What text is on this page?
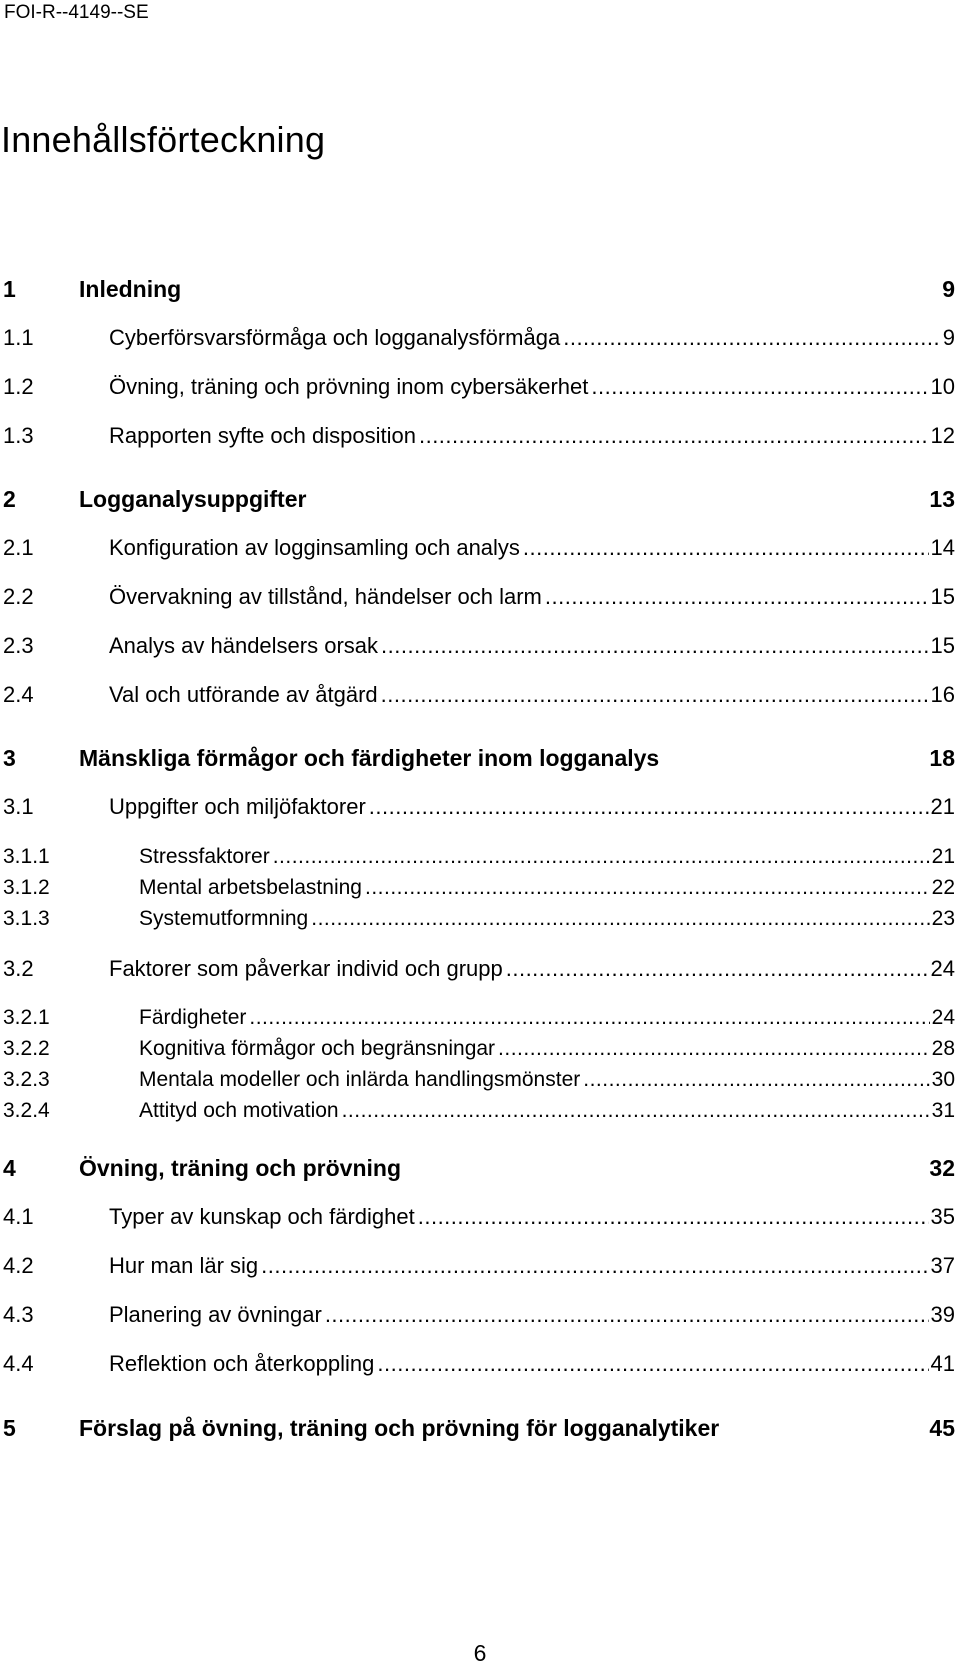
FOI-R--4149--SE
Innehållsförteckning
1	Inledning	9
1.1	Cyberförsvarsförmåga och logganalysförmåga .....	9
1.2	Övning, träning och prövning inom cybersäkerhet .....	10
1.3	Rapporten syfte och disposition .....	12
2	Logganalysuppgifter	13
2.1	Konfiguration av logginsamling och analys .....	14
2.2	Övervakning av tillstånd, händelser och larm .....	15
2.3	Analys av händelsers orsak .....	15
2.4	Val och utförande av åtgärd .....	16
3	Mänskliga förmågor och färdigheter inom logganalys	18
3.1	Uppgifter och miljöfaktorer .....	21
3.1.1	Stressfaktorer .....	21
3.1.2	Mental arbetsbelastning .....	22
3.1.3	Systemutformning .....	23
3.2	Faktorer som påverkar individ och grupp .....	24
3.2.1	Färdigheter .....	24
3.2.2	Kognitiva förmågor och begränsningar .....	28
3.2.3	Mentala modeller och inlärda handlingsmönster .....	30
3.2.4	Attityd och motivation .....	31
4	Övning, träning och prövning	32
4.1	Typer av kunskap och färdighet .....	35
4.2	Hur man lär sig .....	37
4.3	Planering av övningar .....	39
4.4	Reflektion och återkoppling .....	41
5	Förslag på övning, träning och prövning för logganalytiker	45
6
